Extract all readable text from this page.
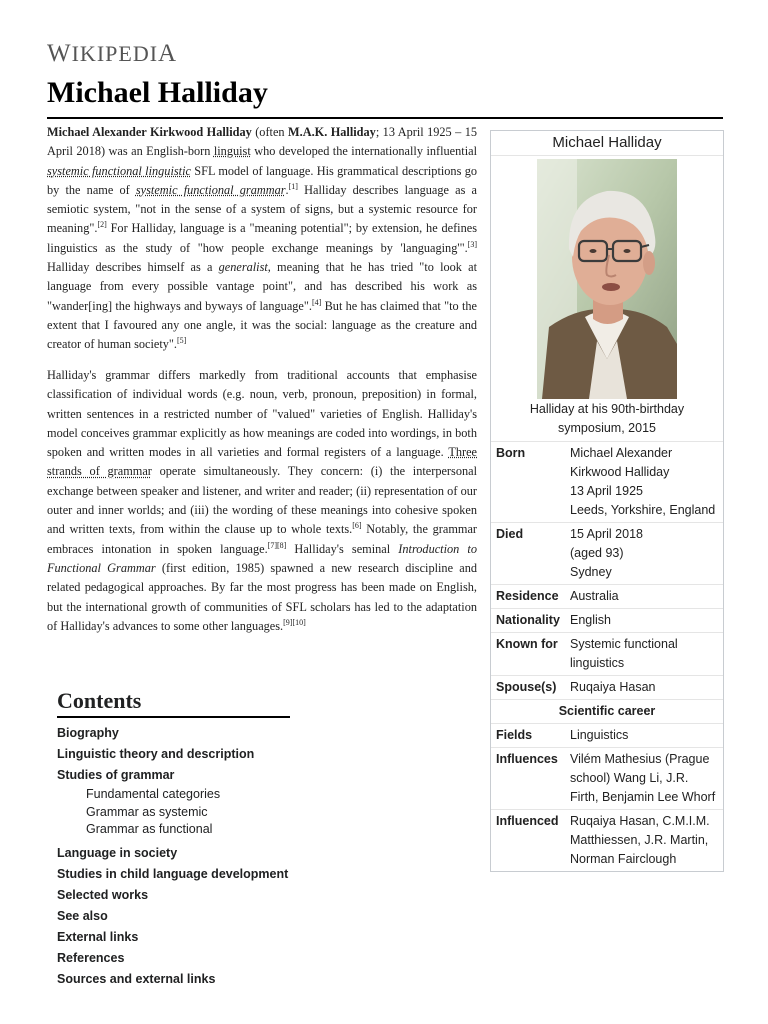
WIKIPEDIA
Michael Halliday

Michael Alexander Kirkwood Halliday (often M.A.K. Halliday; 13 April 1925 – 15 April 2018) was an English-born linguist who developed the internationally influential systemic functional linguistic SFL model of language. His grammatical descriptions go by the name of systemic functional grammar.[1] Halliday describes language as a semiotic system, "not in the sense of a system of signs, but a systemic resource for meaning".[2] For Halliday, language is a "meaning potential"; by extension, he defines linguistics as the study of "how people exchange meanings by 'languaging'".[3] Halliday describes himself as a generalist, meaning that he has tried "to look at language from every possible vantage point", and has described his work as "wander[ing] the highways and byways of language".[4] But he has claimed that "to the extent that I favoured any one angle, it was the social: language as the creature and creator of human society".[5]

Halliday's grammar differs markedly from traditional accounts that emphasise classification of individual words (e.g. noun, verb, pronoun, preposition) in formal, written sentences in a restricted number of "valued" varieties of English. Halliday's model conceives grammar explicitly as how meanings are coded into wordings, in both spoken and written modes in all varieties and formal registers of a language. Three strands of grammar operate simultaneously. They concern: (i) the interpersonal exchange between speaker and listener, and writer and reader; (ii) representation of our outer and inner worlds; and (iii) the wording of these meanings into cohesive spoken and written texts, from within the clause up to whole texts.[6] Notably, the grammar embraces intonation in spoken language.[7][8] Halliday's seminal Introduction to Functional Grammar (first edition, 1985) spawned a new research discipline and related pedagogical approaches. By far the most progress has been made on English, but the international growth of communities of SFL scholars has led to the adaptation of Halliday's advances to some other languages.[9][10]

Michael Halliday
Halliday at his 90th-birthday symposium, 2015
Born	Michael Alexander Kirkwood Halliday
13 April 1925
Leeds, Yorkshire, England
Died	15 April 2018
(aged 93)
Sydney
Residence Australia
Nationality English
Known for Systemic functional linguistics
Spouse(s)	Ruqaiya Hasan
Scientific career
Fields	Linguistics
Influences Vilém Mathesius (Prague school) Wang Li, J.R. Firth, Benjamin Lee Whorf
Influenced Ruqaiya Hasan, C.M.I.M. Matthiessen, J.R. Martin, Norman Fairclough
Contents
Biography
Linguistic theory and description
Studies of grammar
Fundamental categories
Grammar as systemic
Grammar as functional
Language in society
Studies in child language development
Selected works
See also
External links
References
Sources and external links
